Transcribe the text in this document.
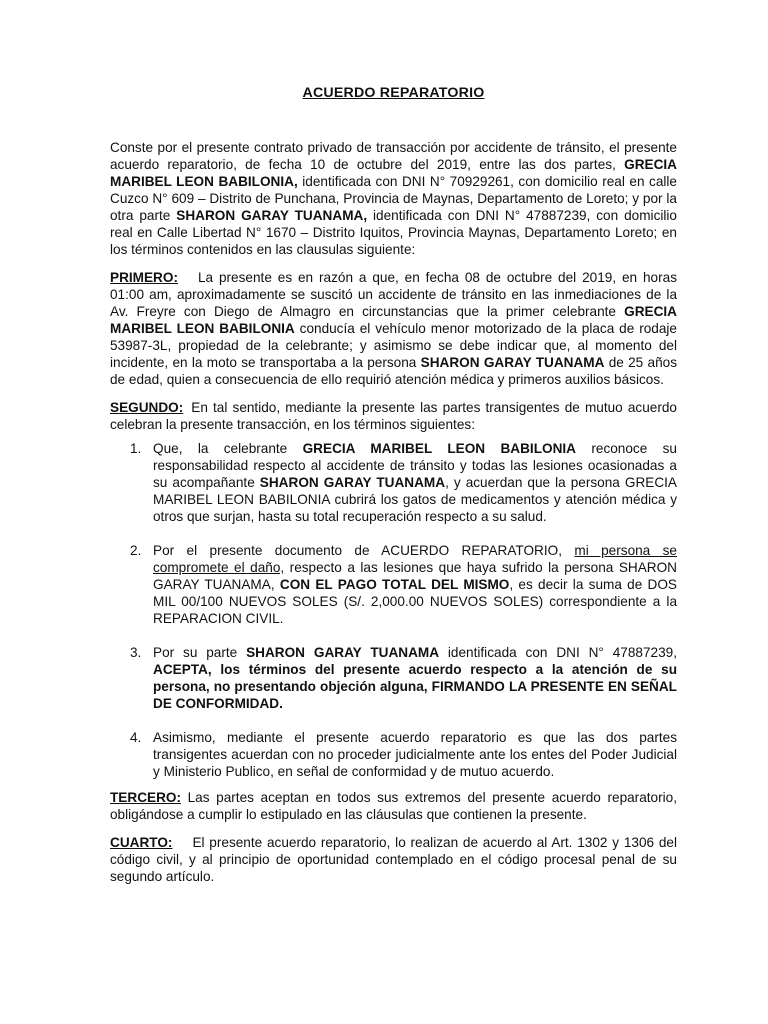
ACUERDO REPARATORIO

Conste por el presente contrato privado de transacción por accidente de tránsito, el presente acuerdo reparatorio, de fecha 10 de octubre del 2019, entre las dos partes, GRECIA MARIBEL LEON BABILONIA, identificada con DNI N° 70929261, con domicilio real en calle Cuzco N° 609 – Distrito de Punchana, Provincia de Maynas, Departamento de Loreto; y por la otra parte SHARON GARAY TUANAMA, identificada con DNI N° 47887239, con domicilio real en Calle Libertad N° 1670 – Distrito Iquitos, Provincia Maynas, Departamento Loreto; en los términos contenidos en las clausulas siguiente:

PRIMERO: La presente es en razón a que, en fecha 08 de octubre del 2019, en horas 01:00 am, aproximadamente se suscitó un accidente de tránsito en las inmediaciones de la Av. Freyre con Diego de Almagro en circunstancias que la primer celebrante GRECIA MARIBEL LEON BABILONIA conducía el vehículo menor motorizado de la placa de rodaje 53987-3L, propiedad de la celebrante; y asimismo se debe indicar que, al momento del incidente, en la moto se transportaba a la persona SHARON GARAY TUANAMA de 25 años de edad, quien a consecuencia de ello requirió atención médica y primeros auxilios básicos.

SEGUNDO: En tal sentido, mediante la presente las partes transigentes de mutuo acuerdo celebran la presente transacción, en los términos siguientes:

1. Que, la celebrante GRECIA MARIBEL LEON BABILONIA reconoce su responsabilidad respecto al accidente de tránsito y todas las lesiones ocasionadas a su acompañante SHARON GARAY TUANAMA, y acuerdan que la persona GRECIA MARIBEL LEON BABILONIA cubrirá los gatos de medicamentos y atención médica y otros que surjan, hasta su total recuperación respecto a su salud.
2. Por el presente documento de ACUERDO REPARATORIO, mi persona se compromete el daño, respecto a las lesiones que haya sufrido la persona SHARON GARAY TUANAMA, CON EL PAGO TOTAL DEL MISMO, es decir la suma de DOS MIL 00/100 NUEVOS SOLES (S/. 2,000.00 NUEVOS SOLES) correspondiente a la REPARACION CIVIL.
3. Por su parte SHARON GARAY TUANAMA identificada con DNI N° 47887239, ACEPTA, los términos del presente acuerdo respecto a la atención de su persona, no presentando objeción alguna, FIRMANDO LA PRESENTE EN SEÑAL DE CONFORMIDAD.
4. Asimismo, mediante el presente acuerdo reparatorio es que las dos partes transigentes acuerdan con no proceder judicialmente ante los entes del Poder Judicial y Ministerio Publico, en señal de conformidad y de mutuo acuerdo.

TERCERO: Las partes aceptan en todos sus extremos del presente acuerdo reparatorio, obligándose a cumplir lo estipulado en las cláusulas que contienen la presente.

CUARTO: El presente acuerdo reparatorio, lo realizan de acuerdo al Art. 1302 y 1306 del código civil, y al principio de oportunidad contemplado en el código procesal penal de su segundo artículo.
